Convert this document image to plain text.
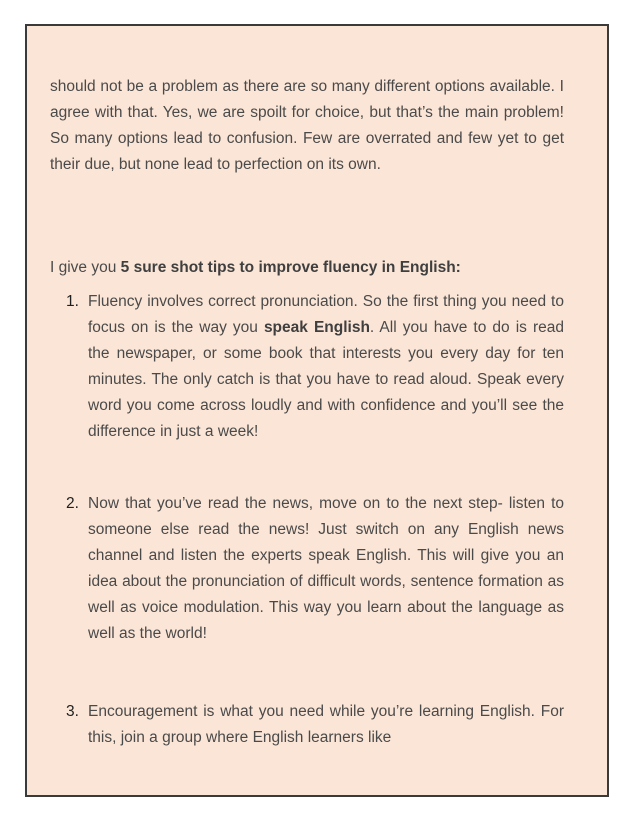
should not be a problem as there are so many different options available. I agree with that. Yes, we are spoilt for choice, but that’s the main problem! So many options lead to confusion. Few are overrated and few yet to get their due, but none lead to perfection on its own.

I give you 5 sure shot tips to improve fluency in English:

1. Fluency involves correct pronunciation. So the first thing you need to focus on is the way you speak English. All you have to do is read the newspaper, or some book that interests you every day for ten minutes. The only catch is that you have to read aloud. Speak every word you come across loudly and with confidence and you’ll see the difference in just a week!

2. Now that you’ve read the news, move on to the next step- listen to someone else read the news! Just switch on any English news channel and listen the experts speak English. This will give you an idea about the pronunciation of difficult words, sentence formation as well as voice modulation. This way you learn about the language as well as the world!

3. Encouragement is what you need while you’re learning English. For this, join a group where English learners like
